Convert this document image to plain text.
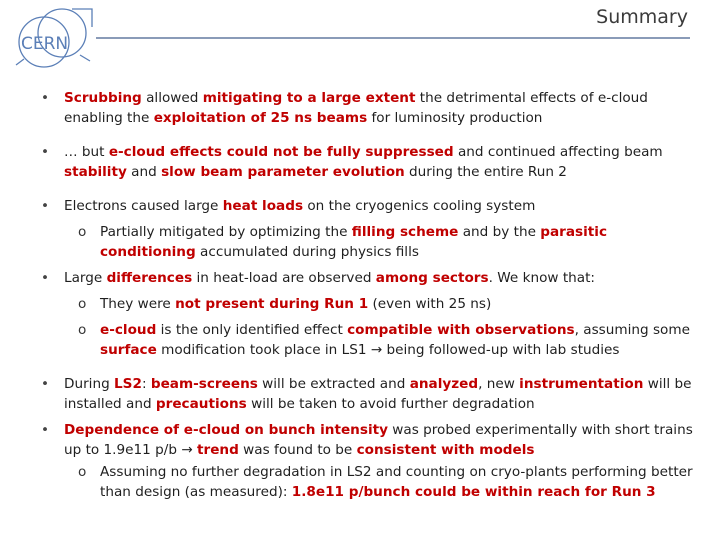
CERN
Summary
• Scrubbing allowed mitigating to a large extent the detrimental effects of e-cloud enabling the exploitation of 25 ns beams for luminosity production
• … but e-cloud effects could not be fully suppressed and continued affecting beam stability and slow beam parameter evolution during the entire Run 2
• Electrons caused large heat loads on the cryogenics cooling system
o Partially mitigated by optimizing the filling scheme and by the parasitic conditioning accumulated during physics fills
• Large differences in heat-load are observed among sectors. We know that:
o They were not present during Run 1 (even with 25 ns)
o e-cloud is the only identified effect compatible with observations, assuming some surface modification took place in LS1 → being followed-up with lab studies
• During LS2: beam-screens will be extracted and analyzed, new instrumentation will be installed and precautions will be taken to avoid further degradation
• Dependence of e-cloud on bunch intensity was probed experimentally with short trains up to 1.9e11 p/b → trend was found to be consistent with models
o Assuming no further degradation in LS2 and counting on cryo-plants performing better than design (as measured): 1.8e11 p/bunch could be within reach for Run 3
